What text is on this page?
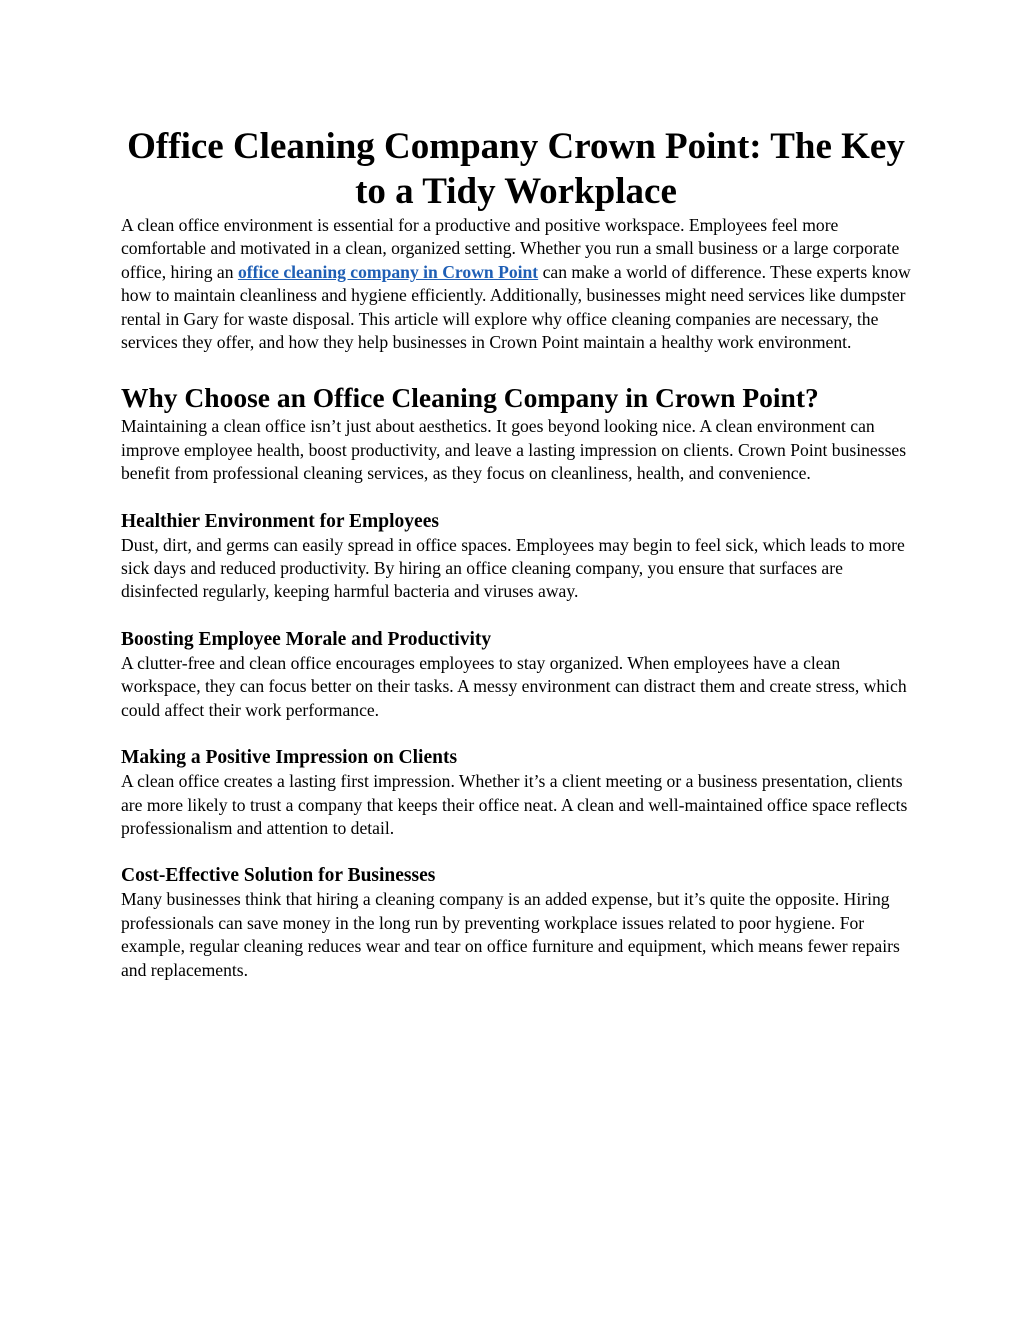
Office Cleaning Company Crown Point: The Key to a Tidy Workplace

A clean office environment is essential for a productive and positive workspace. Employees feel more comfortable and motivated in a clean, organized setting. Whether you run a small business or a large corporate office, hiring an office cleaning company in Crown Point can make a world of difference. These experts know how to maintain cleanliness and hygiene efficiently. Additionally, businesses might need services like dumpster rental in Gary for waste disposal. This article will explore why office cleaning companies are necessary, the services they offer, and how they help businesses in Crown Point maintain a healthy work environment.

Why Choose an Office Cleaning Company in Crown Point?

Maintaining a clean office isn’t just about aesthetics. It goes beyond looking nice. A clean environment can improve employee health, boost productivity, and leave a lasting impression on clients. Crown Point businesses benefit from professional cleaning services, as they focus on cleanliness, health, and convenience.

Healthier Environment for Employees

Dust, dirt, and germs can easily spread in office spaces. Employees may begin to feel sick, which leads to more sick days and reduced productivity. By hiring an office cleaning company, you ensure that surfaces are disinfected regularly, keeping harmful bacteria and viruses away.

Boosting Employee Morale and Productivity

A clutter-free and clean office encourages employees to stay organized. When employees have a clean workspace, they can focus better on their tasks. A messy environment can distract them and create stress, which could affect their work performance.

Making a Positive Impression on Clients

A clean office creates a lasting first impression. Whether it’s a client meeting or a business presentation, clients are more likely to trust a company that keeps their office neat. A clean and well-maintained office space reflects professionalism and attention to detail.

Cost-Effective Solution for Businesses

Many businesses think that hiring a cleaning company is an added expense, but it’s quite the opposite. Hiring professionals can save money in the long run by preventing workplace issues related to poor hygiene. For example, regular cleaning reduces wear and tear on office furniture and equipment, which means fewer repairs and replacements.
